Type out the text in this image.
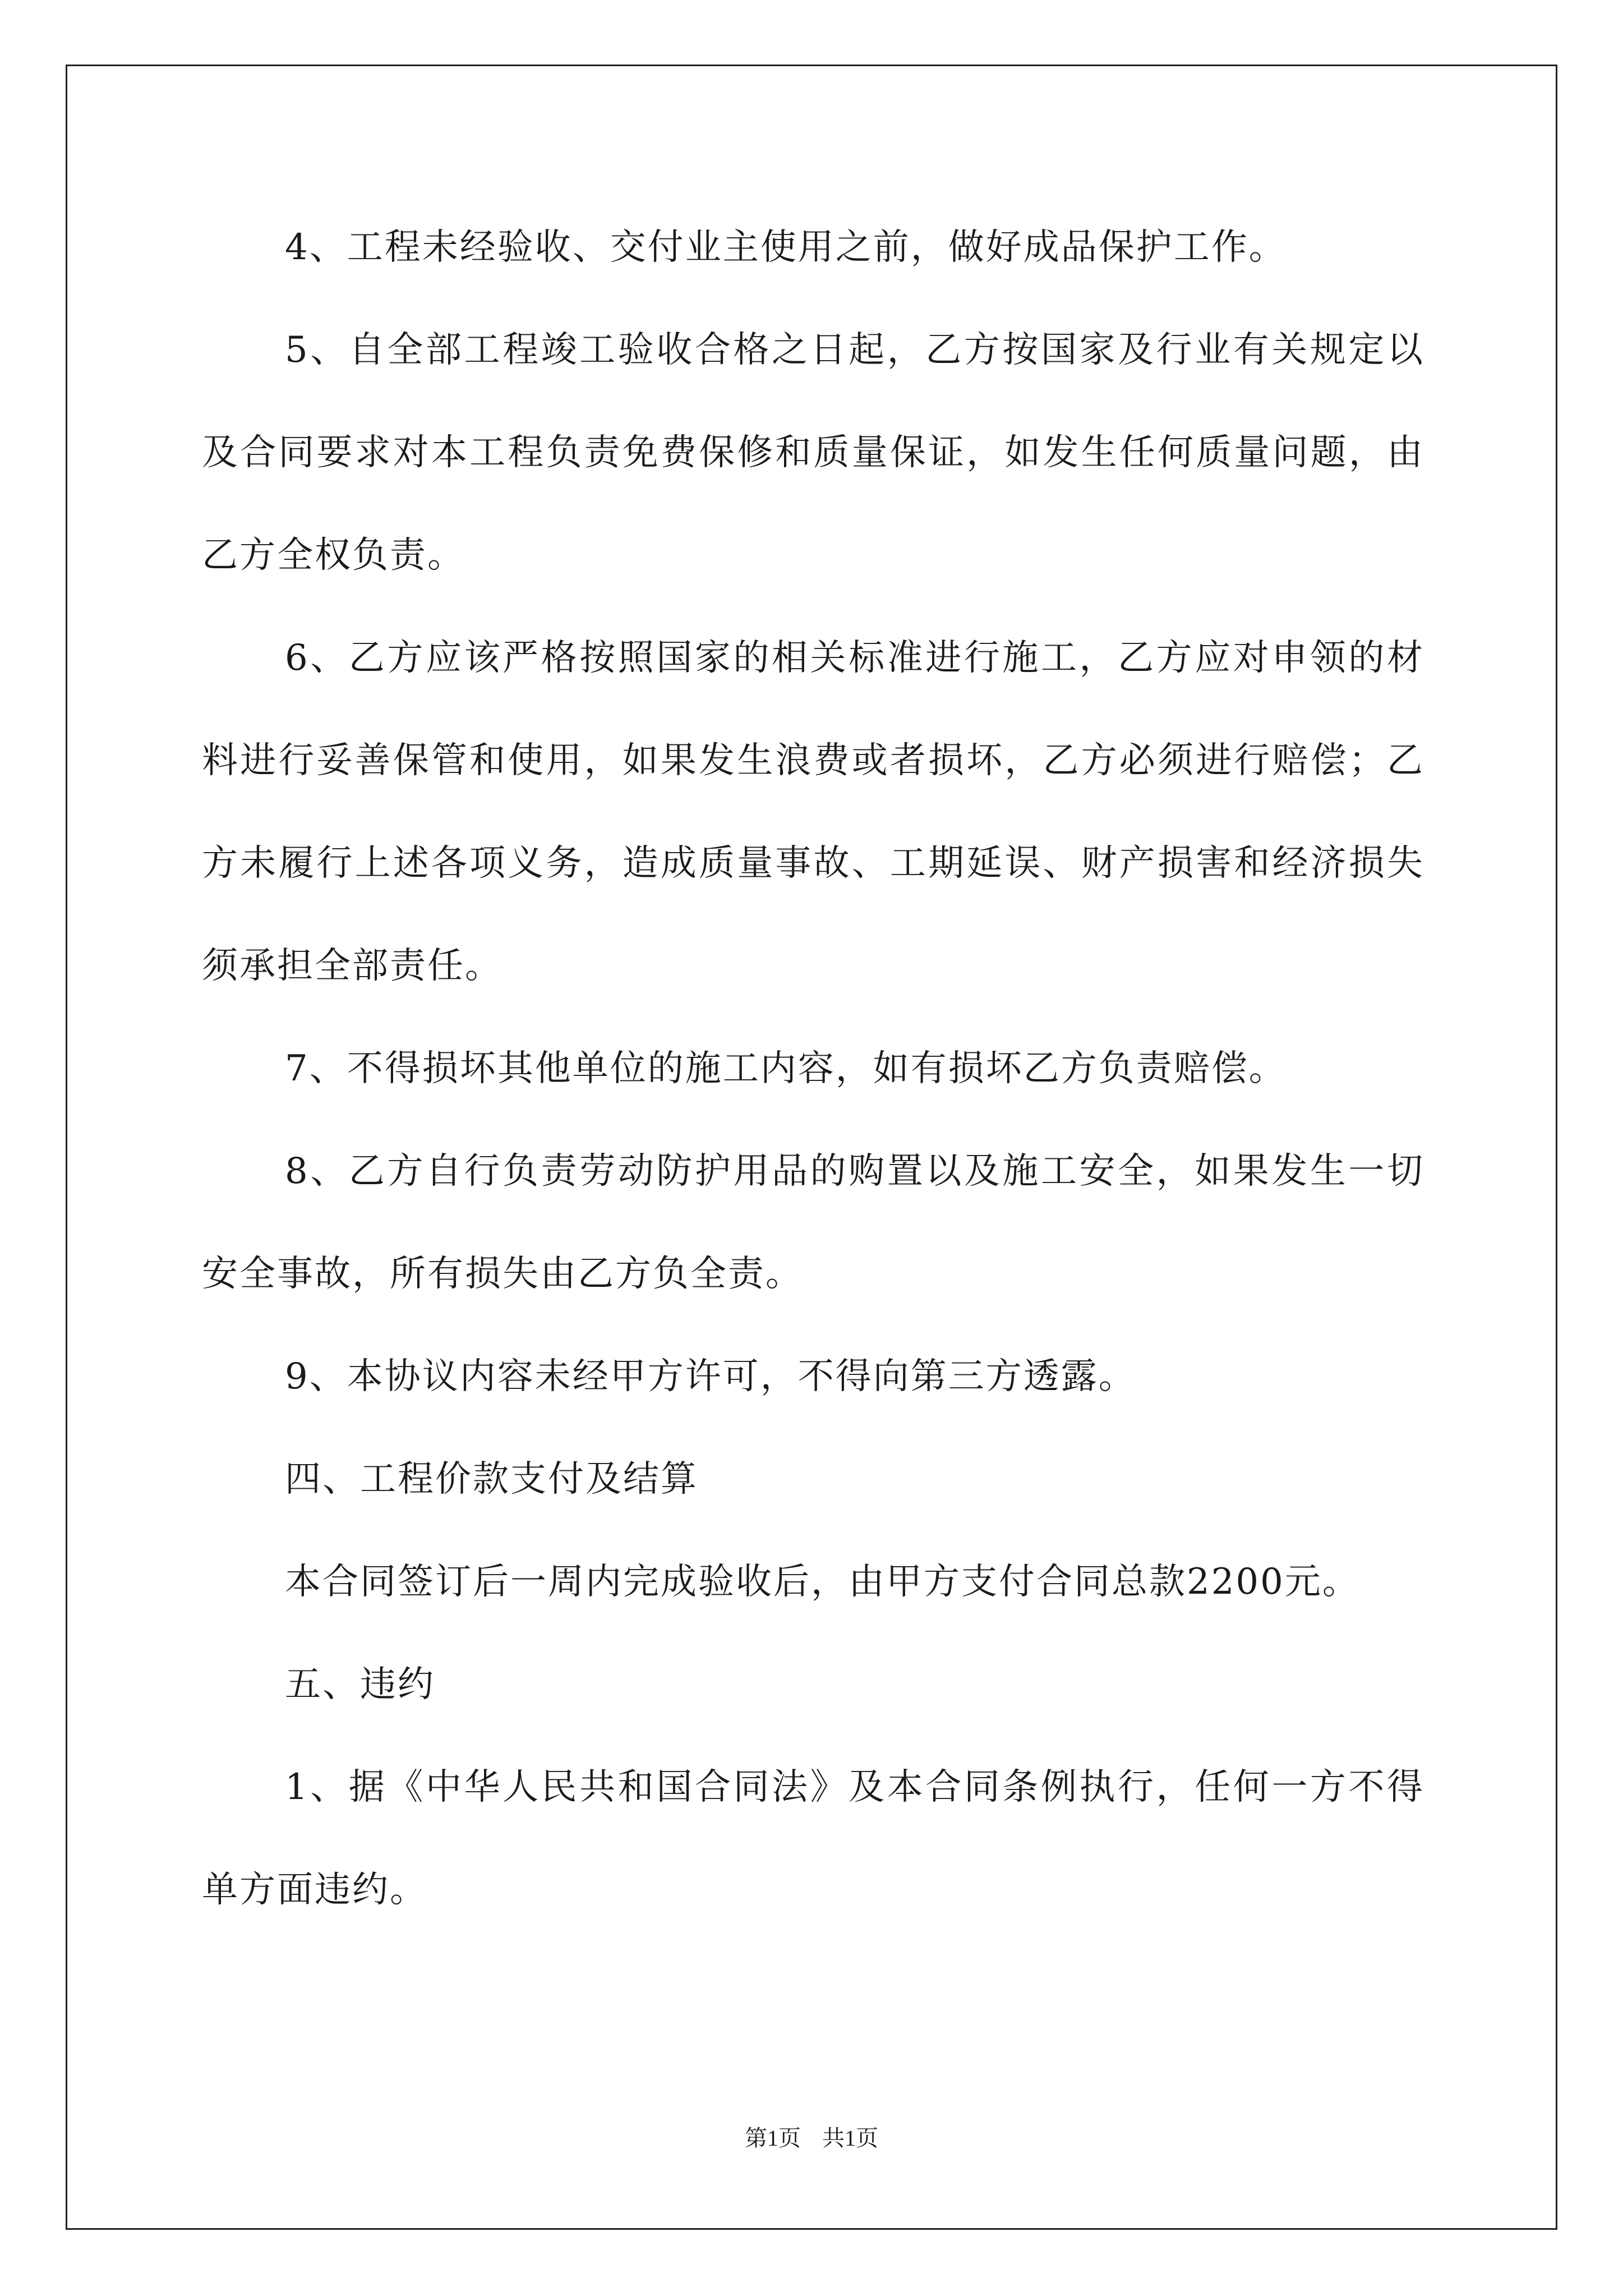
4、工程未经验收、交付业主使用之前，做好成品保护工作。

5、自全部工程竣工验收合格之日起，乙方按国家及行业有关规定以及合同要求对本工程负责免费保修和质量保证，如发生任何质量问题，由乙方全权负责。

6、乙方应该严格按照国家的相关标准进行施工，乙方应对申领的材料进行妥善保管和使用，如果发生浪费或者损坏，乙方必须进行赔偿；乙方未履行上述各项义务，造成质量事故、工期延误、财产损害和经济损失须承担全部责任。

7、不得损坏其他单位的施工内容，如有损坏乙方负责赔偿。

8、乙方自行负责劳动防护用品的购置以及施工安全，如果发生一切安全事故，所有损失由乙方负全责。

9、本协议内容未经甲方许可，不得向第三方透露。

四、工程价款支付及结算

本合同签订后一周内完成验收后，由甲方支付合同总款2200元。

五、违约

1、据《中华人民共和国合同法》及本合同条例执行，任何一方不得单方面违约。

第1页 共1页
